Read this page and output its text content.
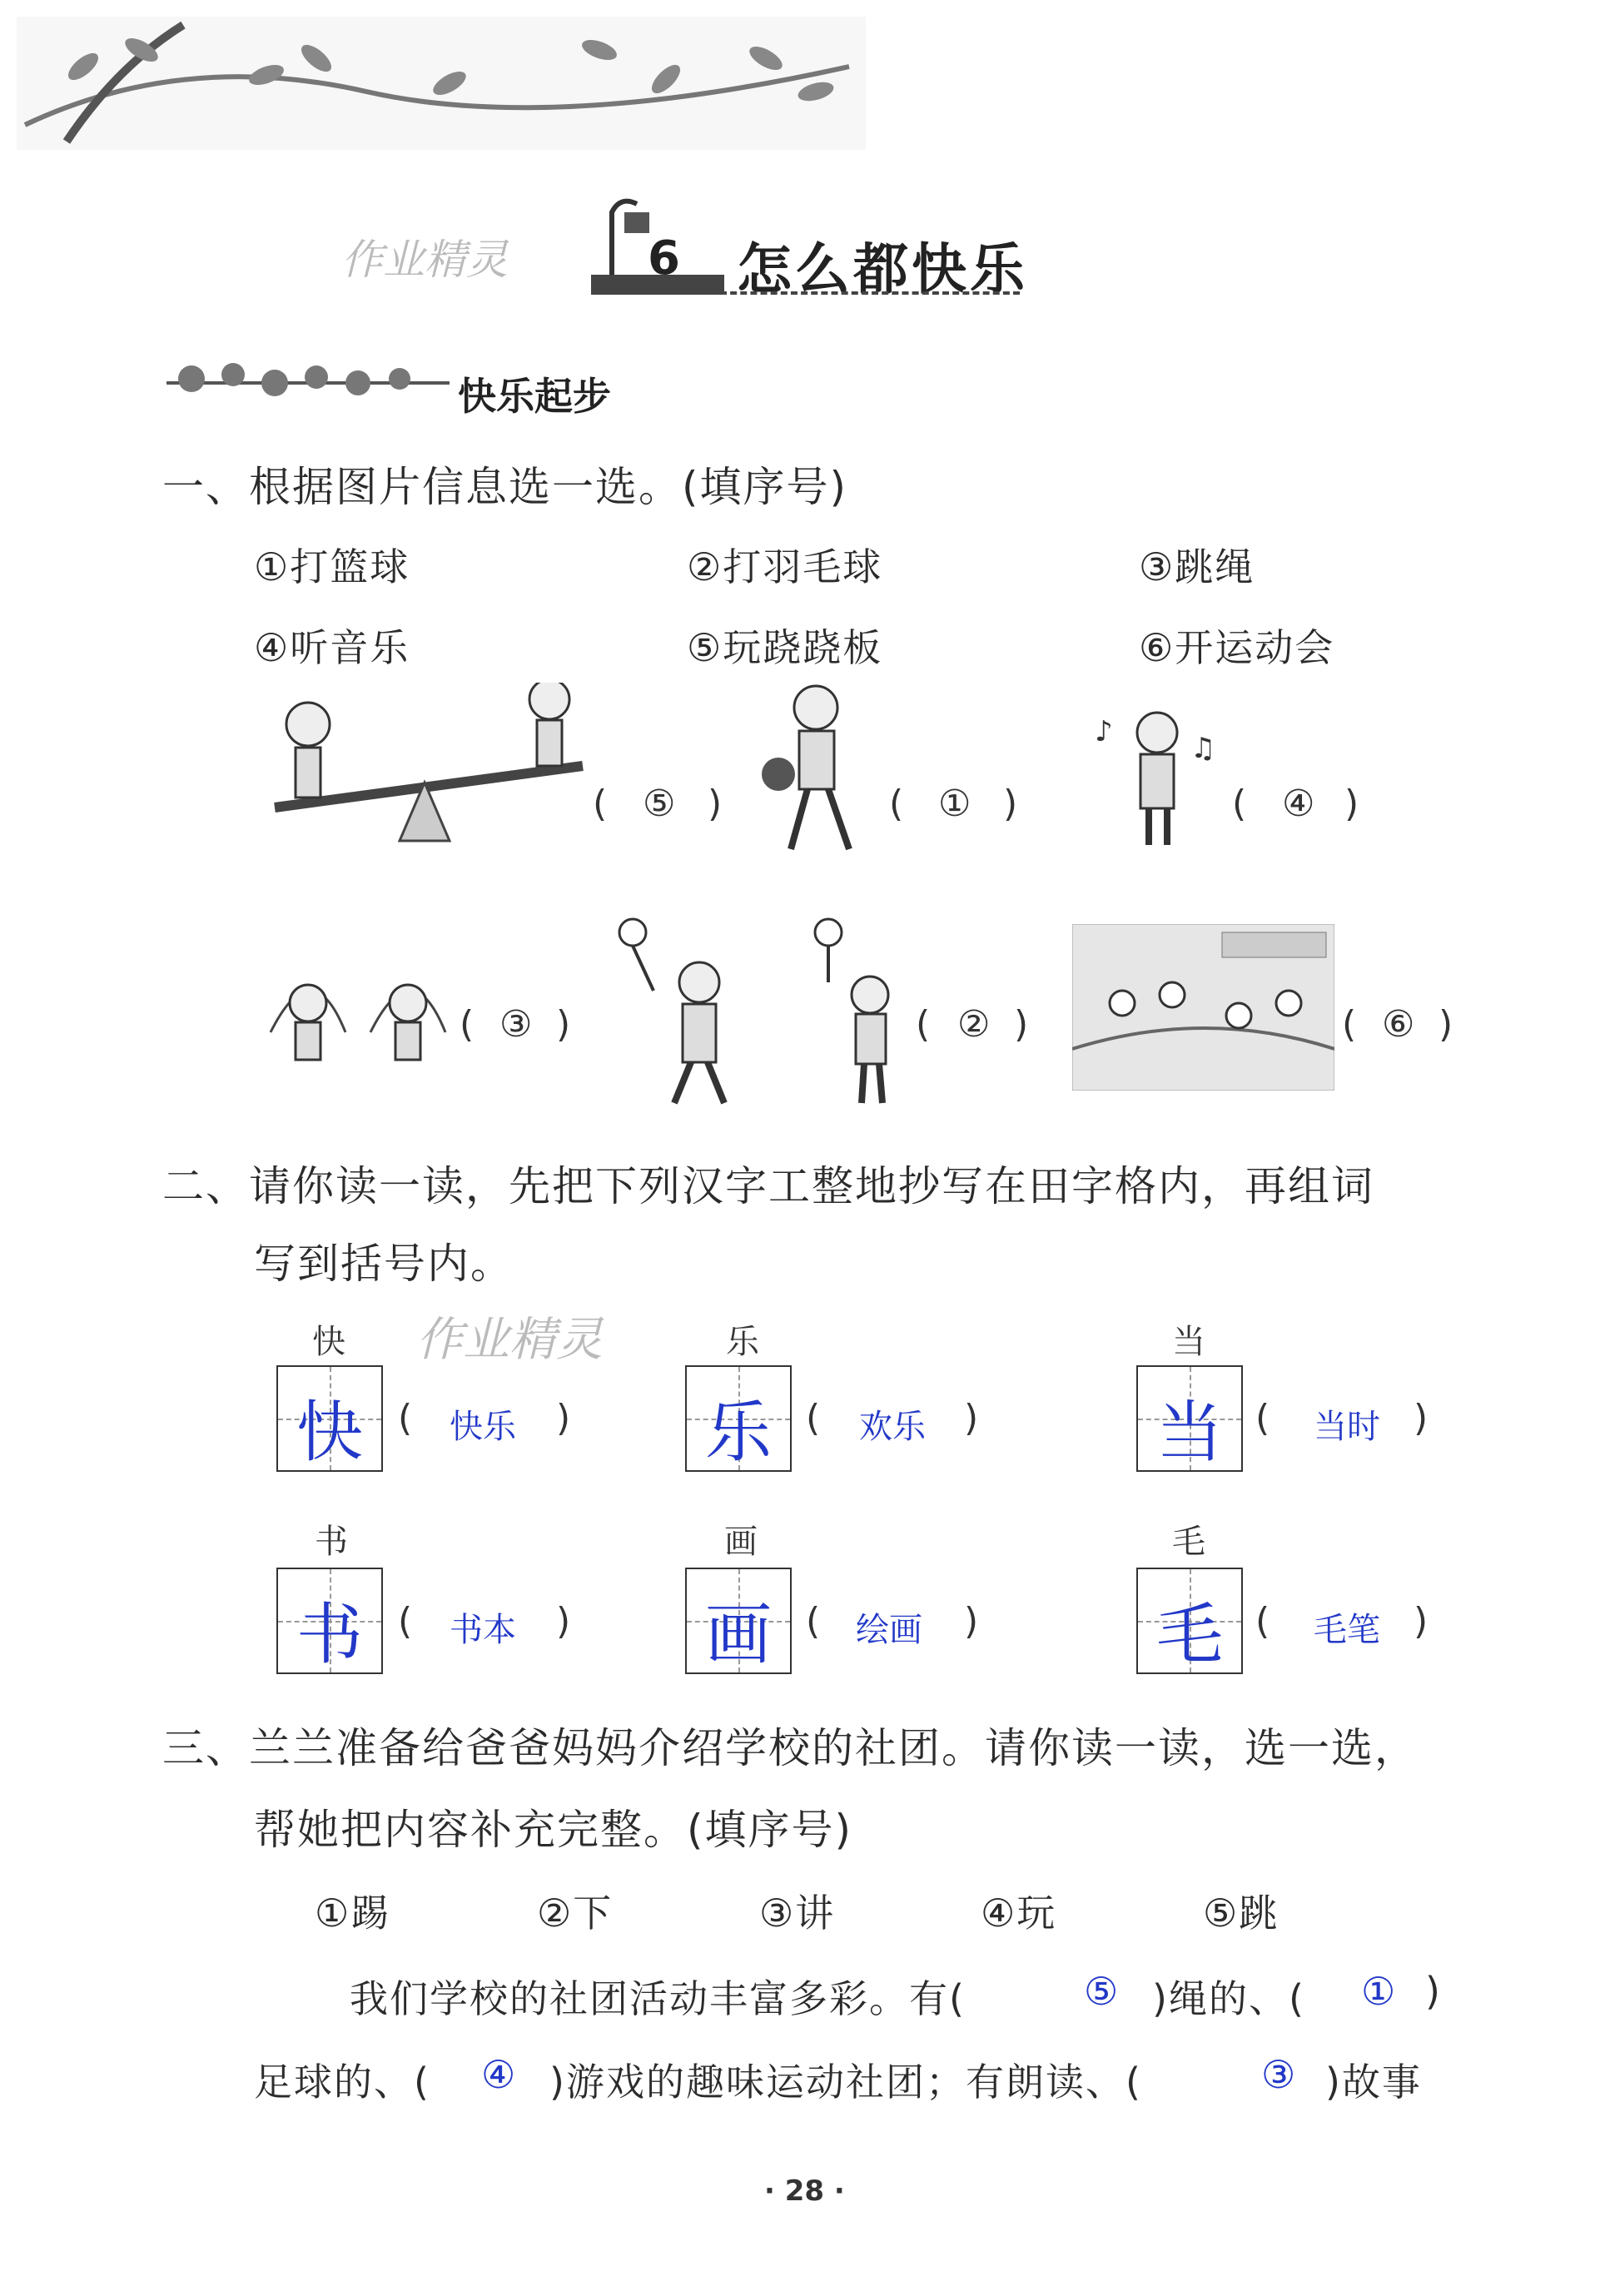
作业精灵	6 怎么都快乐
快乐起步
一、根据图片信息选一选。(填序号)
①打篮球	②打羽毛球	③跳绳
④听音乐	⑤玩跷跷板	⑥开运动会
( ⑤ )	( ① )
♪	♫
( ④ )
( ③ )	( ② )	( ⑥ )
二、请你读一读，先把下列汉字工整地抄写在田字格内，再组词
写到括号内。
作业精灵
快
快 ( 快乐 )
乐
乐 ( 欢乐 )
当
当 ( 当时 )
书
书 ( 书本 )
画
画 ( 绘画 )
毛
毛 ( 毛笔 )
三、兰兰准备给爸爸妈妈介绍学校的社团。请你读一读，选一选，
帮她把内容补充完整。(填序号)
①踢	②下	③讲	④玩	⑤跳
我们学校的社团活动丰富多彩。有(	⑤ )绳的、( ① )
足球的、( ④ )游戏的趣味运动社团；有朗读、(	③ )故事
· 28 ·
